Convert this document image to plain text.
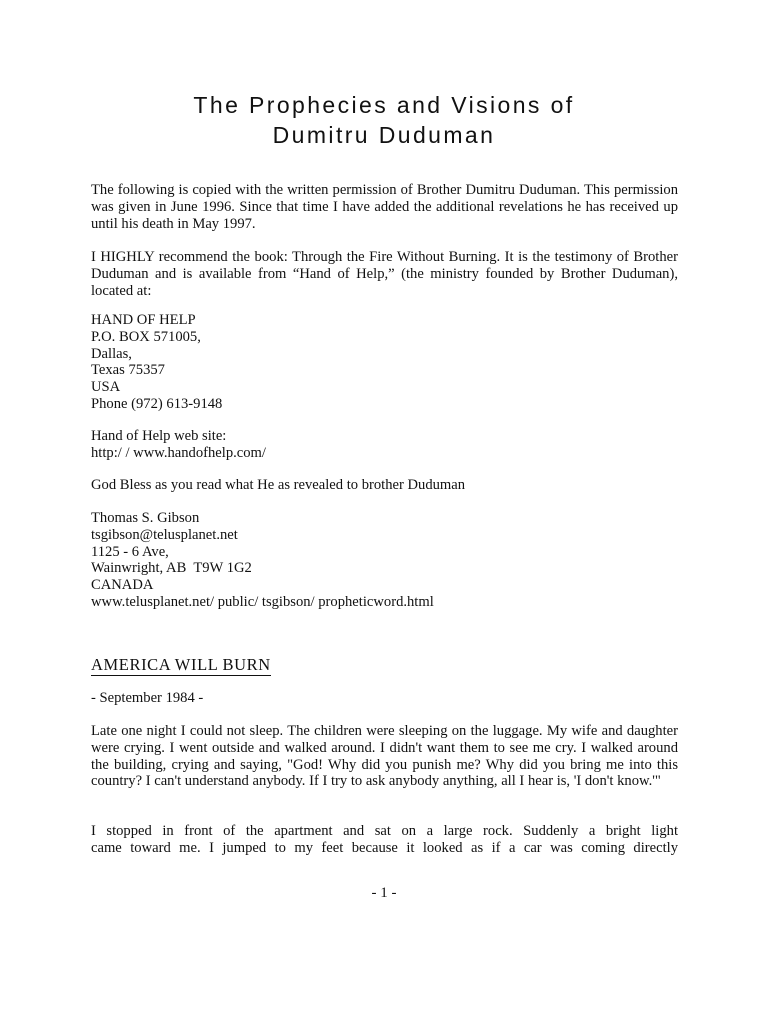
The Prophecies and Visions of
Dumitru Duduman
The following is copied with the written permission of Brother Dumitru Duduman. This permission was given in June 1996. Since that time I have added the additional revelations he has received up until his death in May 1997.
I HIGHLY recommend the book: Through the Fire Without Burning. It is the testimony of Brother Duduman and is available from “Hand of Help,” (the ministry founded by Brother Duduman), located at:
HAND OF HELP
P.O. BOX 571005,
Dallas,
Texas 75357
USA
Phone (972) 613-9148
Hand of Help web site:
http:/ / www.handofhelp.com/
God Bless as you read what He as revealed to brother Duduman
Thomas S. Gibson
tsgibson@telusplanet.net
1125 - 6 Ave,
Wainwright, AB  T9W 1G2
CANADA
www.telusplanet.net/ public/ tsgibson/ propheticword.html
AMERICA WILL BURN
- September 1984 -
Late one night I could not sleep. The children were sleeping on the luggage. My wife and daughter were crying. I went outside and walked around. I didn't want them to see me cry. I walked around the building, crying and saying, "God! Why did you punish me? Why did you bring me into this country? I can't understand anybody. If I try to ask anybody anything, all I hear is, 'I don't know.'"
I stopped in front of the apartment and sat on a large rock. Suddenly a bright light
came toward me. I jumped to my feet because it looked as if a car was coming directly
- 1 -
